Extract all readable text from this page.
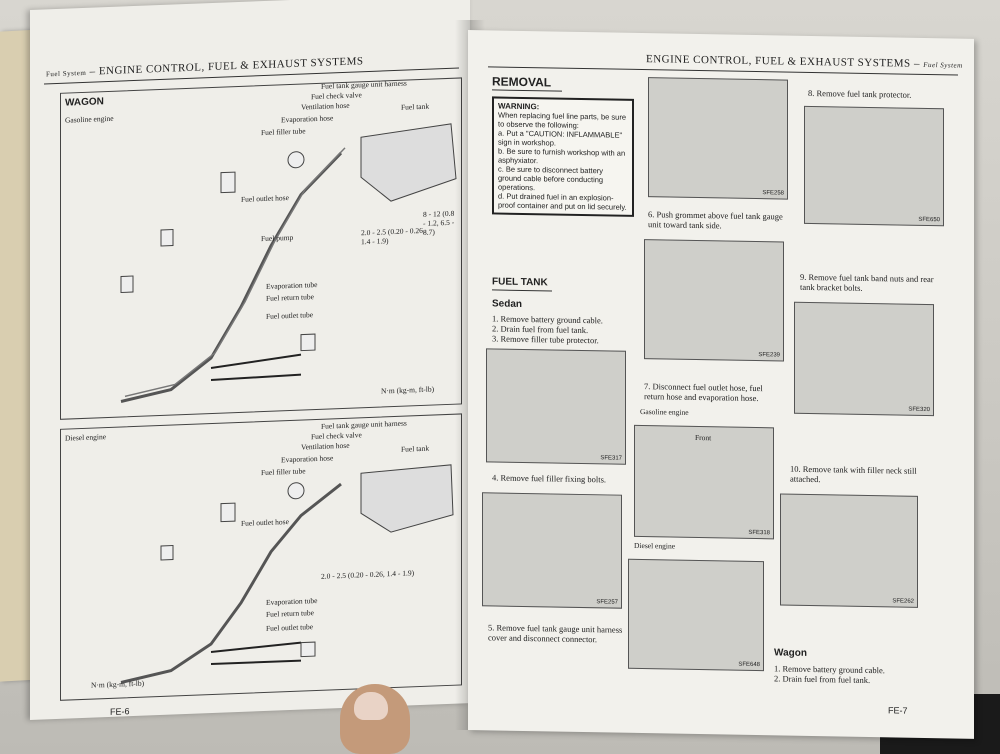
Fuel System – ENGINE CONTROL, FUEL & EXHAUST SYSTEMS
WAGON
Gasoline engine
Fuel tank gauge unit harness
Fuel check valve
Ventilation hose	Fuel tank
Evaporation hose
Fuel filler tube
Fuel outlet hose
Fuel pump
Evaporation tube
Fuel return tube
Fuel outlet tube
2.0 - 2.5 (0.20 - 0.26, 1.4 - 1.9)
8 - 12 (0.8 - 1.2, 6.5 - 8.7)
N·m (kg-m, ft-lb)
Diesel engine
Fuel tank gauge unit harness
Fuel check valve
Ventilation hose	Fuel tank
Evaporation hose
Fuel filler tube
Fuel outlet hose
Evaporation tube
Fuel return tube
Fuel outlet tube
2.0 - 2.5 (0.20 - 0.26, 1.4 - 1.9)
N·m (kg-m, ft-lb)
FE-6
ENGINE CONTROL, FUEL & EXHAUST SYSTEMS – Fuel System
REMOVAL
WARNING:
When replacing fuel line parts, be sure to observe the following:
a. Put a "CAUTION: INFLAMMABLE" sign in workshop.
b. Be sure to furnish workshop with an asphyxiator.
c. Be sure to disconnect battery ground cable before conducting operations.
d. Put drained fuel in an explosion-proof container and put on lid securely.
FUEL TANK
Sedan
1. Remove battery ground cable.
2. Drain fuel from fuel tank.
3. Remove filler tube protector.
SFE317
4. Remove fuel filler fixing bolts.
SFE257
5. Remove fuel tank gauge unit harness cover and disconnect connector.
SFE258
6. Push grommet above fuel tank gauge unit toward tank side.
SFE239
7. Disconnect fuel outlet hose, fuel return hose and evaporation hose.
Gasoline engine
Front
SFE318
Diesel engine
SFE648
8. Remove fuel tank protector.
SFE650
9. Remove fuel tank band nuts and rear tank bracket bolts.
SFE320
10. Remove tank with filler neck still attached.
SFE262
Wagon
1. Remove battery ground cable.
2. Drain fuel from fuel tank.
FE-7
